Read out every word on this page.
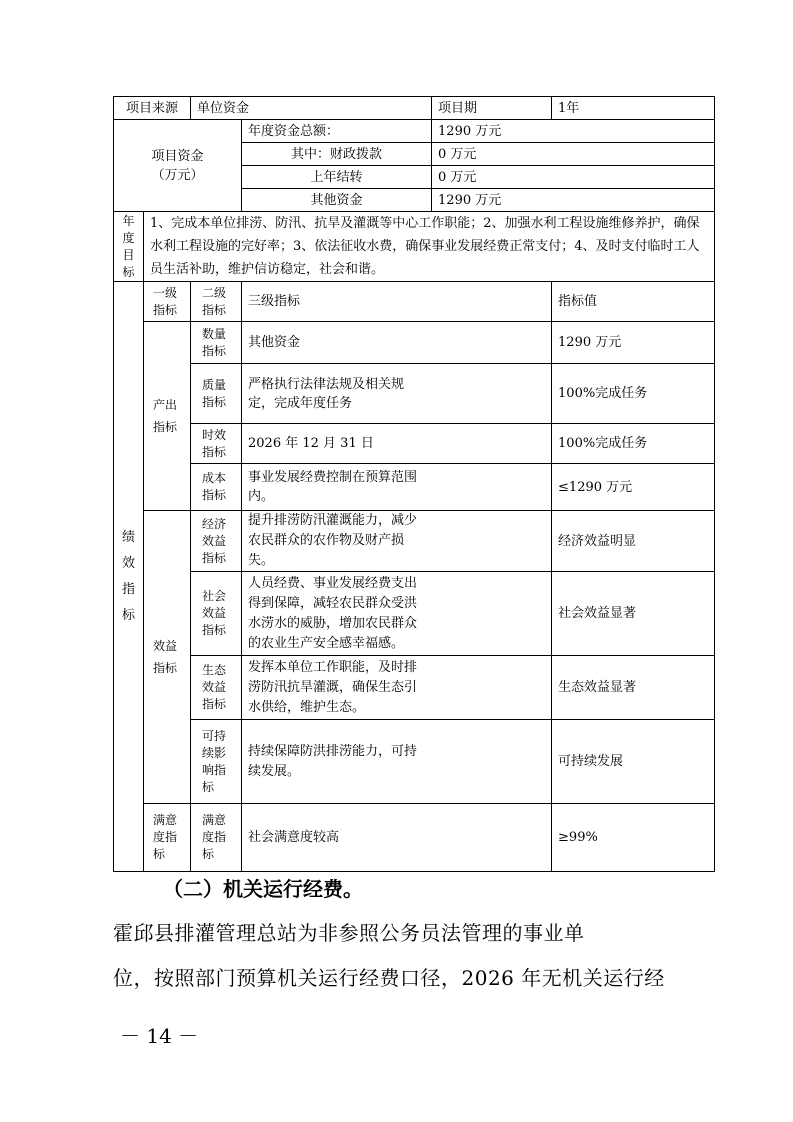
项目来源		单位资金		项目期	1年

项目资金
（万元）			年度资金总额：	1290 万元	
			其中：财政拨款	0 万元	
			上年结转	0 万元	
			其他资金	1290 万元	
年度目标	1、完成本单位排涝、防汛、抗旱及灌溉等中心工作职能；2、加强水利工程设施维修养护，确保水利工程设施的完好率；3、依法征收水费，确保事业发展经费正常支付；4、及时支付临时工人员生活补助，维护信访稳定，社会和谐。				
绩效指标	一级指标	二级指标	三级指标		指标值
	产出指标	数量指标	其他资金		1290 万元
		质量指标	严格执行法律法规及相关规定，完成年度任务		100%完成任务
		时效指标	2026 年 12 月 31 日		100%完成任务
		成本指标	事业发展经费控制在预算范围内。		≤1290 万元
	效益指标	经济效益指标	提升排涝防汛灌溉能力，减少农民群众的农作物及财产损失。		经济效益明显
		社会效益指标	人员经费、事业发展经费支出得到保障，减轻农民群众受洪水涝水的威胁，增加农民群众的农业生产安全感幸福感。		社会效益显著
		生态效益指标	发挥本单位工作职能，及时排涝防汛抗旱灌溉，确保生态引水供给，维护生态。		生态效益显著
		可持续影响指标	持续保障防洪排涝能力，可持续发展。		可持续发展
	满意度指标	满意度指标	社会满意度较高		≥99%
（二）机关运行经费。
霍邱县排灌管理总站为非参照公务员法管理的事业单
位，按照部门预算机关运行经费口径，2026 年无机关运行经
－ 14 －
